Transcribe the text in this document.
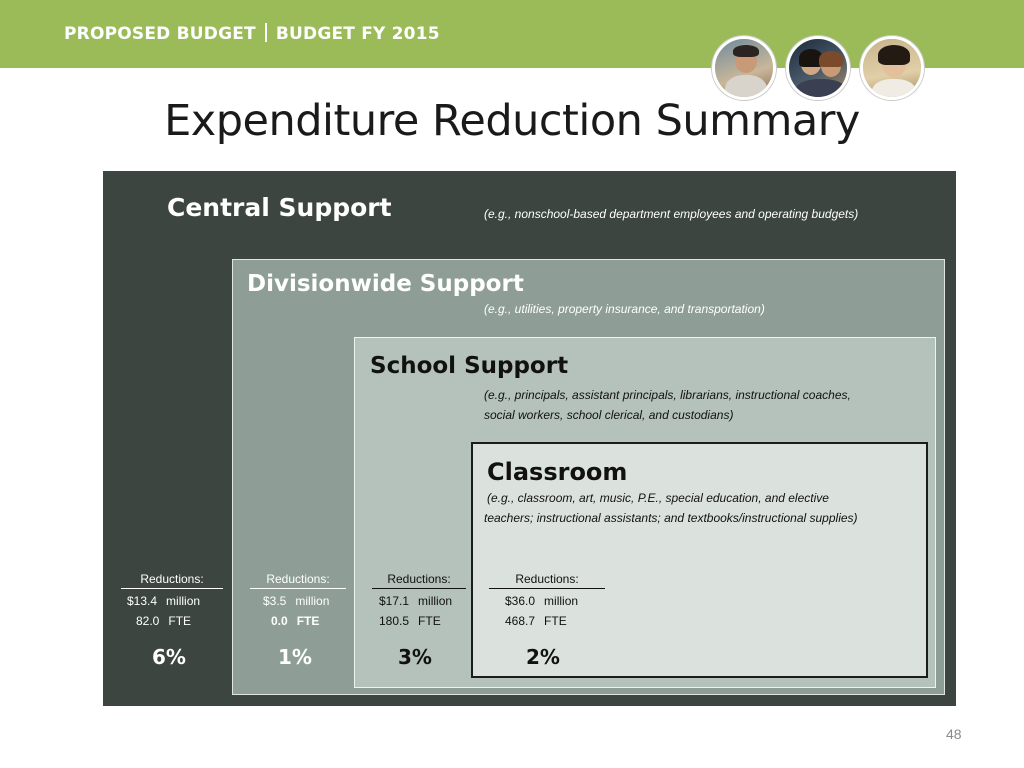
PROPOSED BUDGET BUDGET FY 2015
Expenditure Reduction Summary
Central Support	(e.g., nonschool-based department employees and operating budgets)
Divisionwide Support
(e.g., utilities, property insurance, and transportation)
School Support
(e.g., principals, assistant principals, librarians, instructional coaches,
social workers, school clerical, and custodians)
Classroom
(e.g., classroom, art, music, P.E., special education, and elective
teachers; instructional assistants; and textbooks/instructional supplies)
Reductions:
$13.4 million
82.0 FTE
6%
Reductions:
$3.5 million
0.0 FTE
1%
Reductions:
$17.1 million
180.5 FTE
3%
Reductions:
$36.0 million
468.7 FTE
2%
48
